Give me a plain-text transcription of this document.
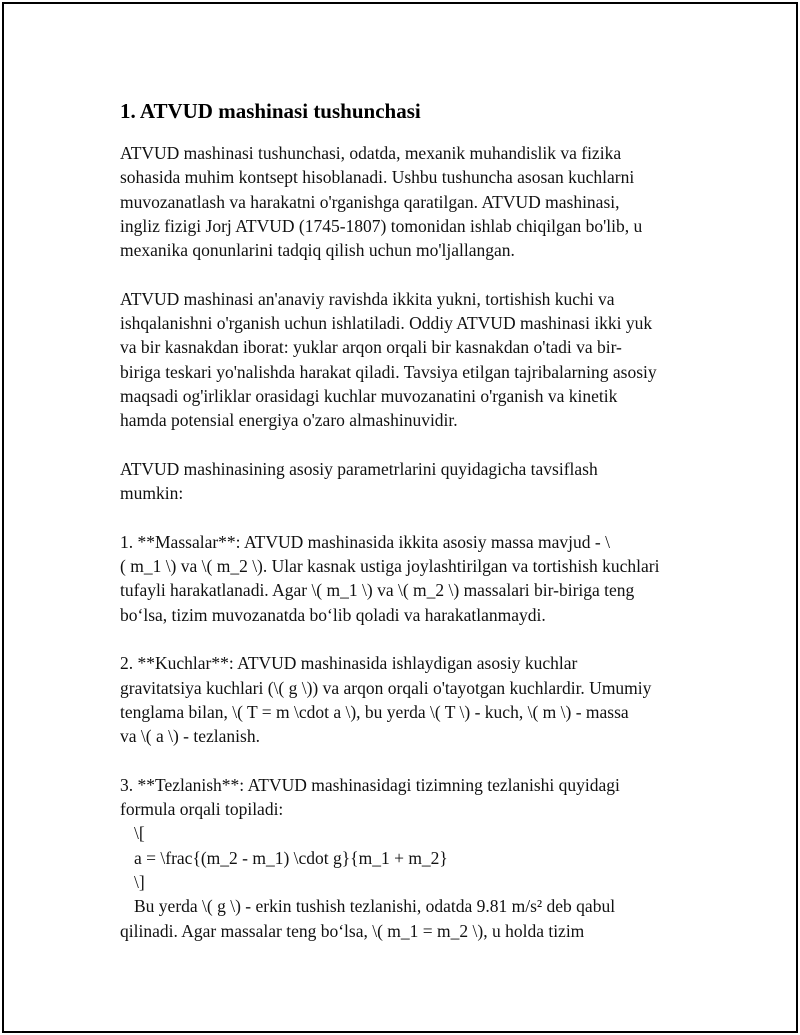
1. ATVUD mashinasi tushunchasi
ATVUD mashinasi tushunchasi, odatda, mexanik muhandislik va fizika
sohasida muhim kontsept hisoblanadi. Ushbu tushuncha asosan kuchlarni
muvozanatlash va harakatni o'rganishga qaratilgan. ATVUD mashinasi,
ingliz fizigi Jorj ATVUD (1745-1807) tomonidan ishlab chiqilgan bo'lib, u
mexanika qonunlarini tadqiq qilish uchun mo'ljallangan.
ATVUD mashinasi an'anaviy ravishda ikkita yukni, tortishish kuchi va
ishqalanishni o'rganish uchun ishlatiladi. Oddiy ATVUD mashinasi ikki yuk
va bir kasnakdan iborat: yuklar arqon orqali bir kasnakdan o'tadi va bir-
biriga teskari yo'nalishda harakat qiladi. Tavsiya etilgan tajribalarning asosiy
maqsadi og'irliklar orasidagi kuchlar muvozanatini o'rganish va kinetik
hamda potensial energiya o'zaro almashinuvidir.
ATVUD mashinasining asosiy parametrlarini quyidagicha tavsiflash
mumkin:
1. **Massalar**: ATVUD mashinasida ikkita asosiy massa mavjud - \
( m_1 \) va \( m_2 \). Ular kasnak ustiga joylashtirilgan va tortishish kuchlari
tufayli harakatlanadi. Agar \( m_1 \) va \( m_2 \) massalari bir-biriga teng
bo‘lsa, tizim muvozanatda bo‘lib qoladi va harakatlanmaydi.
2. **Kuchlar**: ATVUD mashinasida ishlaydigan asosiy kuchlar
gravitatsiya kuchlari (\( g \)) va arqon orqali o'tayotgan kuchlardir. Umumiy
tenglama bilan, \( T = m \cdot a \), bu yerda \( T \) - kuch, \( m \) - massa
va \( a \) - tezlanish.
3. **Tezlanish**: ATVUD mashinasidagi tizimning tezlanishi quyidagi
formula orqali topiladi:
\[
a = \frac{(m_2 - m_1) \cdot g}{m_1 + m_2}
\]
Bu yerda \( g \) - erkin tushish tezlanishi, odatda 9.81 m/s² deb qabul
qilinadi. Agar massalar teng bo‘lsa, \( m_1 = m_2 \), u holda tizim
